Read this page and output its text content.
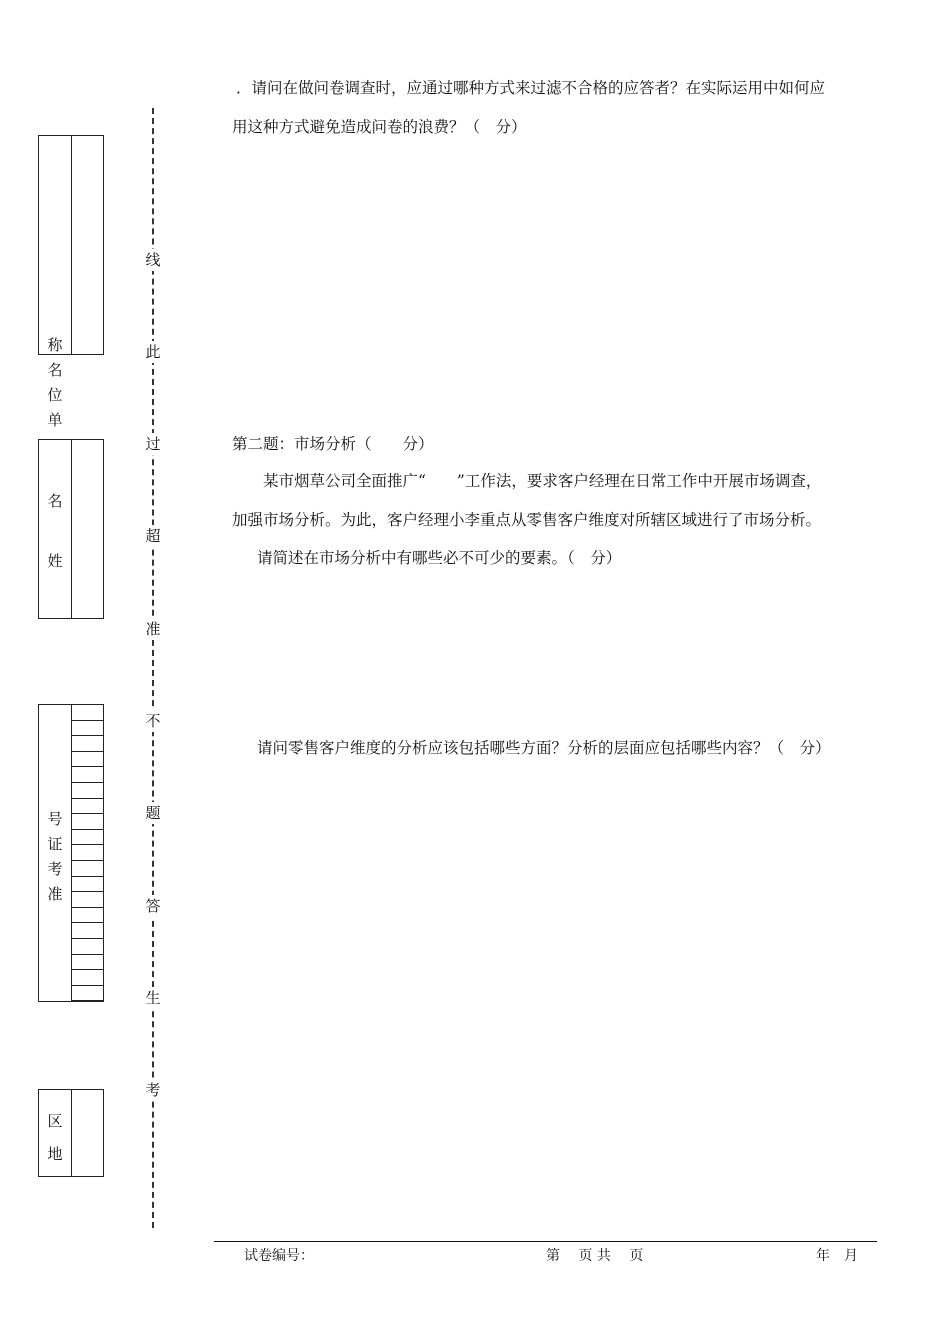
称
名
位
单
名
姓
号
证
考
准
区
地
线
此
过
超
准
不
题
答
生
考
．请问在做问卷调查时，应通过哪种方式来过滤不合格的应答者？在实际运用中如何应
用这种方式避免造成问卷的浪费？（　分）
第二题：市场分析（　　分）
某市烟草公司全面推广“　　”工作法，要求客户经理在日常工作中开展市场调查，
加强市场分析。为此，客户经理小李重点从零售客户维度对所辖区域进行了市场分析。
请简述在市场分析中有哪些必不可少的要素。（　分）
请问零售客户维度的分析应该包括哪些方面？分析的层面应包括哪些内容？（　分）
试卷编号：	第　 页 共　 页	年　月
